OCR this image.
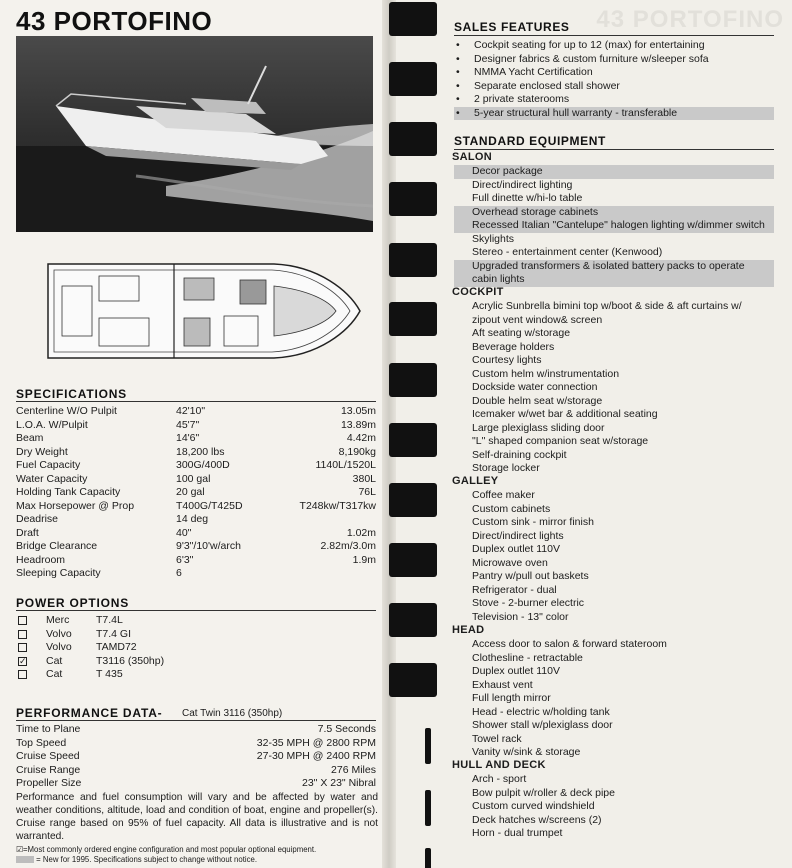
43 PORTOFINO
SPECIFICATIONS
Centerline W/O Pulpit	42'10"	13.05m
L.O.A. W/Pulpit	45'7"	13.89m
Beam	14'6"	4.42m
Dry Weight	18,200 lbs	8,190kg
Fuel Capacity	300G/400D	1140L/1520L
Water Capacity	100 gal	380L
Holding Tank Capacity	20 gal	76L
Max Horsepower @ Prop	T400G/T425D	T248kw/T317kw
Deadrise	14 deg
Draft	40"	1.02m
Bridge Clearance	9'3"/10'w/arch	2.82m/3.0m
Headroom	6'3"	1.9m
Sleeping Capacity	6
POWER OPTIONS
Merc	T7.4L
Volvo T7.4 GI
Volvo TAMD72
✓ Cat	T3116 (350hp)
Cat	T 435
PERFORMANCE DATA- Cat Twin 3116 (350hp)
Time to Plane	7.5 Seconds
Top Speed	32-35 MPH @ 2800 RPM
Cruise Speed	27-30 MPH @ 2400 RPM
Cruise Range	276 Miles
Propeller Size	23" X 23" Nibral
Performance and fuel consumption will vary and be affected by water and weather conditions, altitude, load and condition of boat, engine and propeller(s). Cruise range based on 95% of fuel capacity. All data is illustrative and is not warranted.
☑=Most commonly ordered engine configuration and most popular optional equipment.
= New for 1995. Specifications subject to change without notice.
43 PORTOFINO
SALES FEATURES
• Cockpit seating for up to 12 (max) for entertaining
• Designer fabrics & custom furniture w/sleeper sofa
• NMMA Yacht Certification
• Separate enclosed stall shower
• 2 private staterooms
• 5-year structural hull warranty - transferable
STANDARD EQUIPMENT
SALON
Decor package
Direct/indirect lighting
Full dinette w/hi-lo table
Overhead storage cabinets
Recessed Italian "Cantelupe" halogen lighting w/dimmer switch
Skylights
Stereo - entertainment center (Kenwood)
Upgraded transformers & isolated battery packs to operate
cabin lights
COCKPIT
Acrylic Sunbrella bimini top w/boot & side & aft curtains w/
zipout vent window& screen
Aft seating w/storage
Beverage holders
Courtesy lights
Custom helm w/instrumentation
Dockside water connection
Double helm seat w/storage
Icemaker w/wet bar & additional seating
Large plexiglass sliding door
"L" shaped companion seat w/storage
Self-draining cockpit
Storage locker
GALLEY
Coffee maker
Custom cabinets
Custom sink - mirror finish
Direct/indirect lights
Duplex outlet 110V
Microwave oven
Pantry w/pull out baskets
Refrigerator - dual
Stove - 2-burner electric
Television - 13" color
HEAD
Access door to salon & forward stateroom
Clothesline - retractable
Duplex outlet 110V
Exhaust vent
Full length mirror
Head - electric w/holding tank
Shower stall w/plexiglass door
Towel rack
Vanity w/sink & storage
HULL AND DECK
Arch - sport
Bow pulpit w/roller & deck pipe
Custom curved windshield
Deck hatches w/screens (2)
Horn - dual trumpet
